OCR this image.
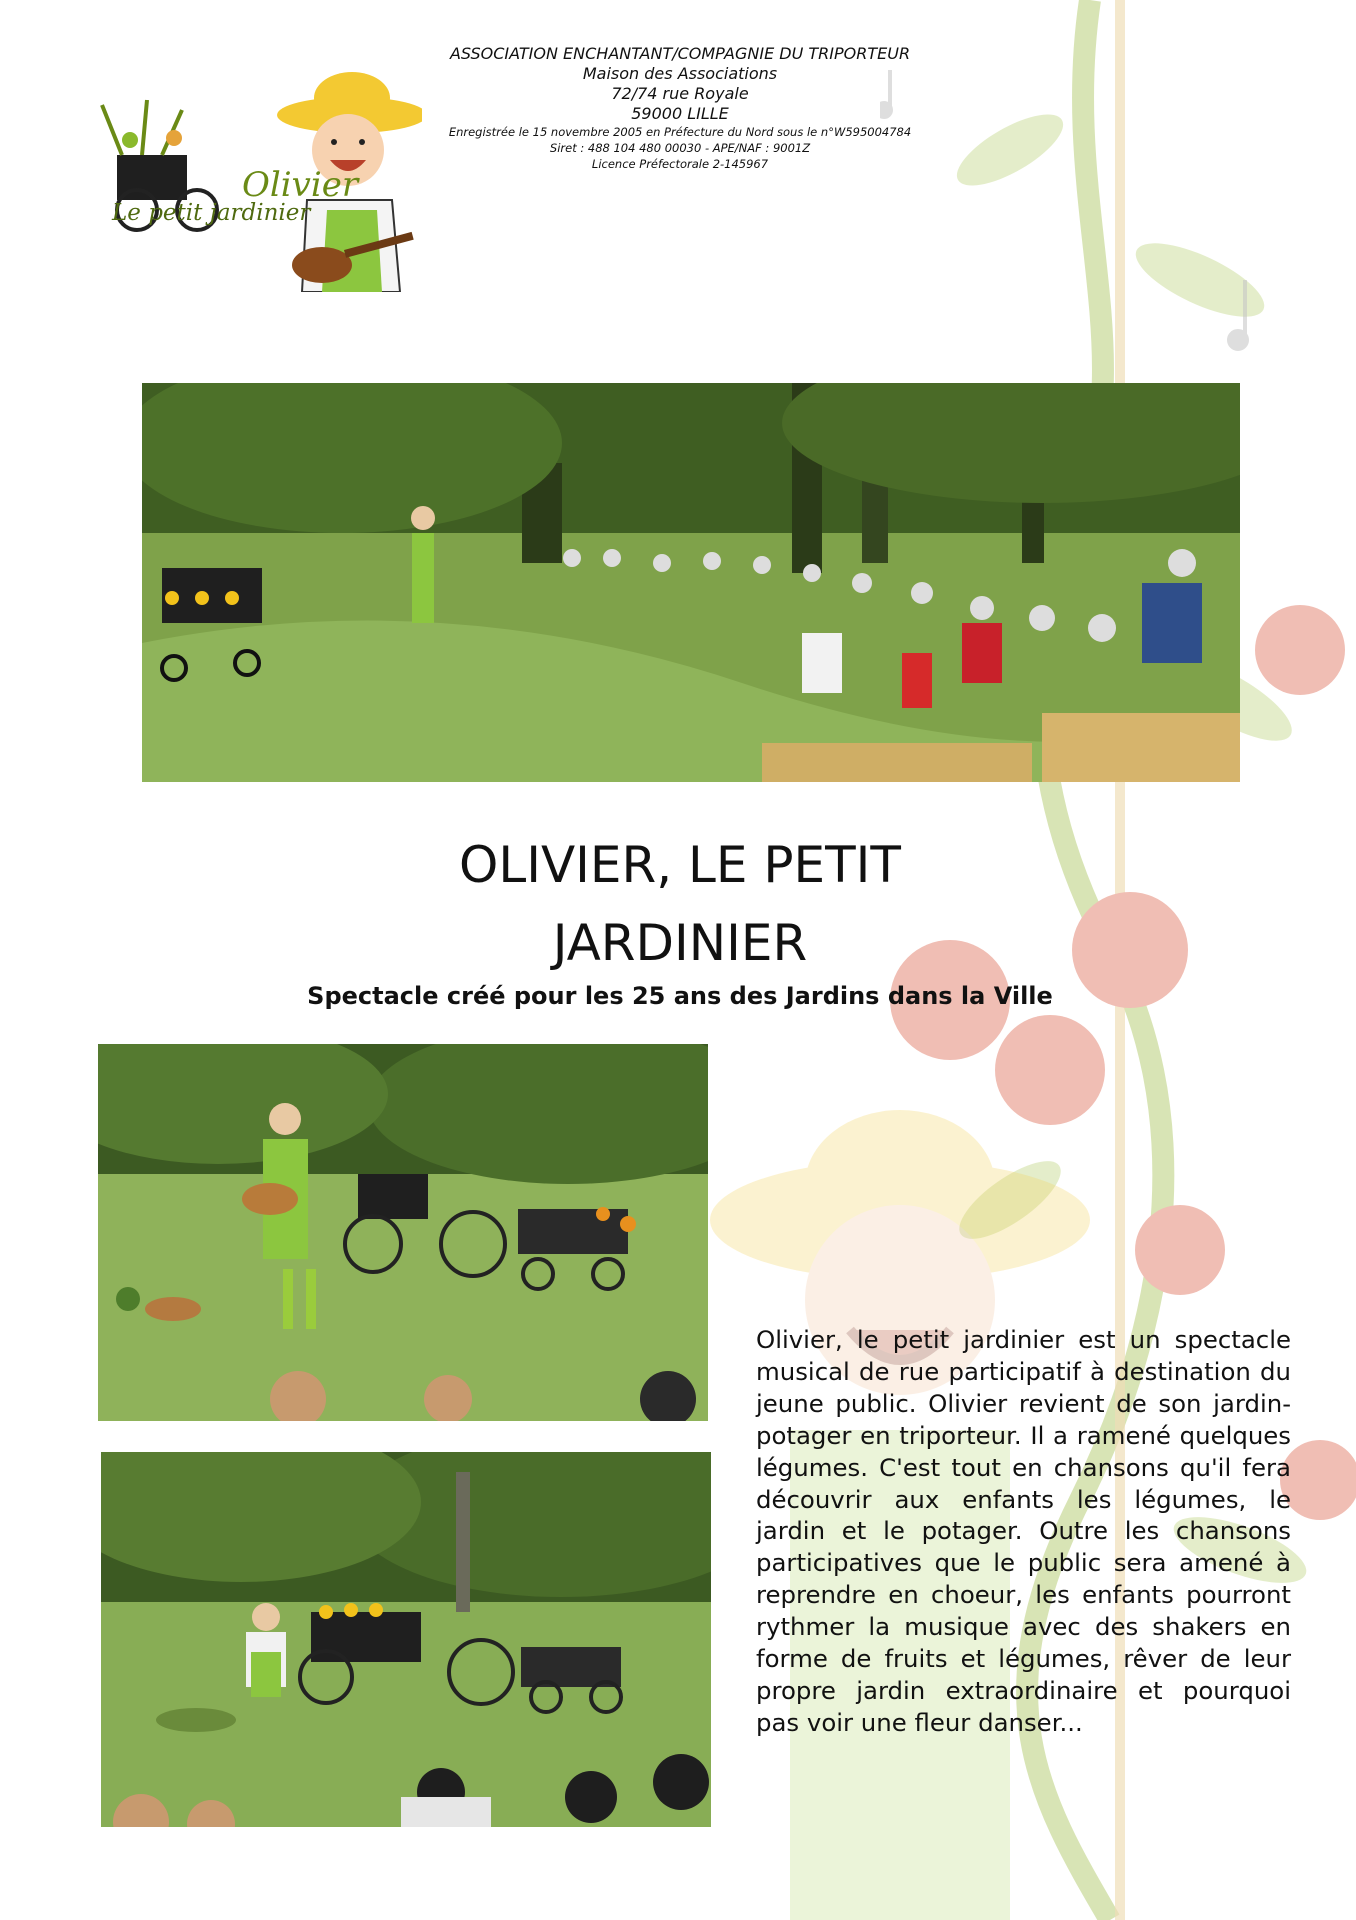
Olivier
Le petit jardinier
ASSOCIATION ENCHANTANT/COMPAGNIE DU TRIPORTEUR
Maison des Associations
72/74 rue Royale
59000 LILLE
Enregistrée le 15 novembre 2005 en Préfecture du Nord sous le n°W595004784
Siret : 488 104 480 00030 - APE/NAF : 9001Z
Licence Préfectorale 2-145967
OLIVIER, LE PETIT
JARDINIER
Spectacle créé pour les 25 ans des Jardins dans la Ville
Olivier, le petit jardinier est un spectacle musical de rue participatif à destination du jeune public. Olivier revient de son jardin-potager en triporteur. Il a ramené quelques légumes. C'est tout en chansons qu'il fera découvrir aux enfants les légumes, le jardin et le potager. Outre les chansons participatives que le public sera amené à reprendre en choeur, les enfants pourront rythmer la musique avec des shakers en forme de fruits et légumes, rêver de leur propre jardin extraordinaire et pourquoi pas voir une fleur danser...
